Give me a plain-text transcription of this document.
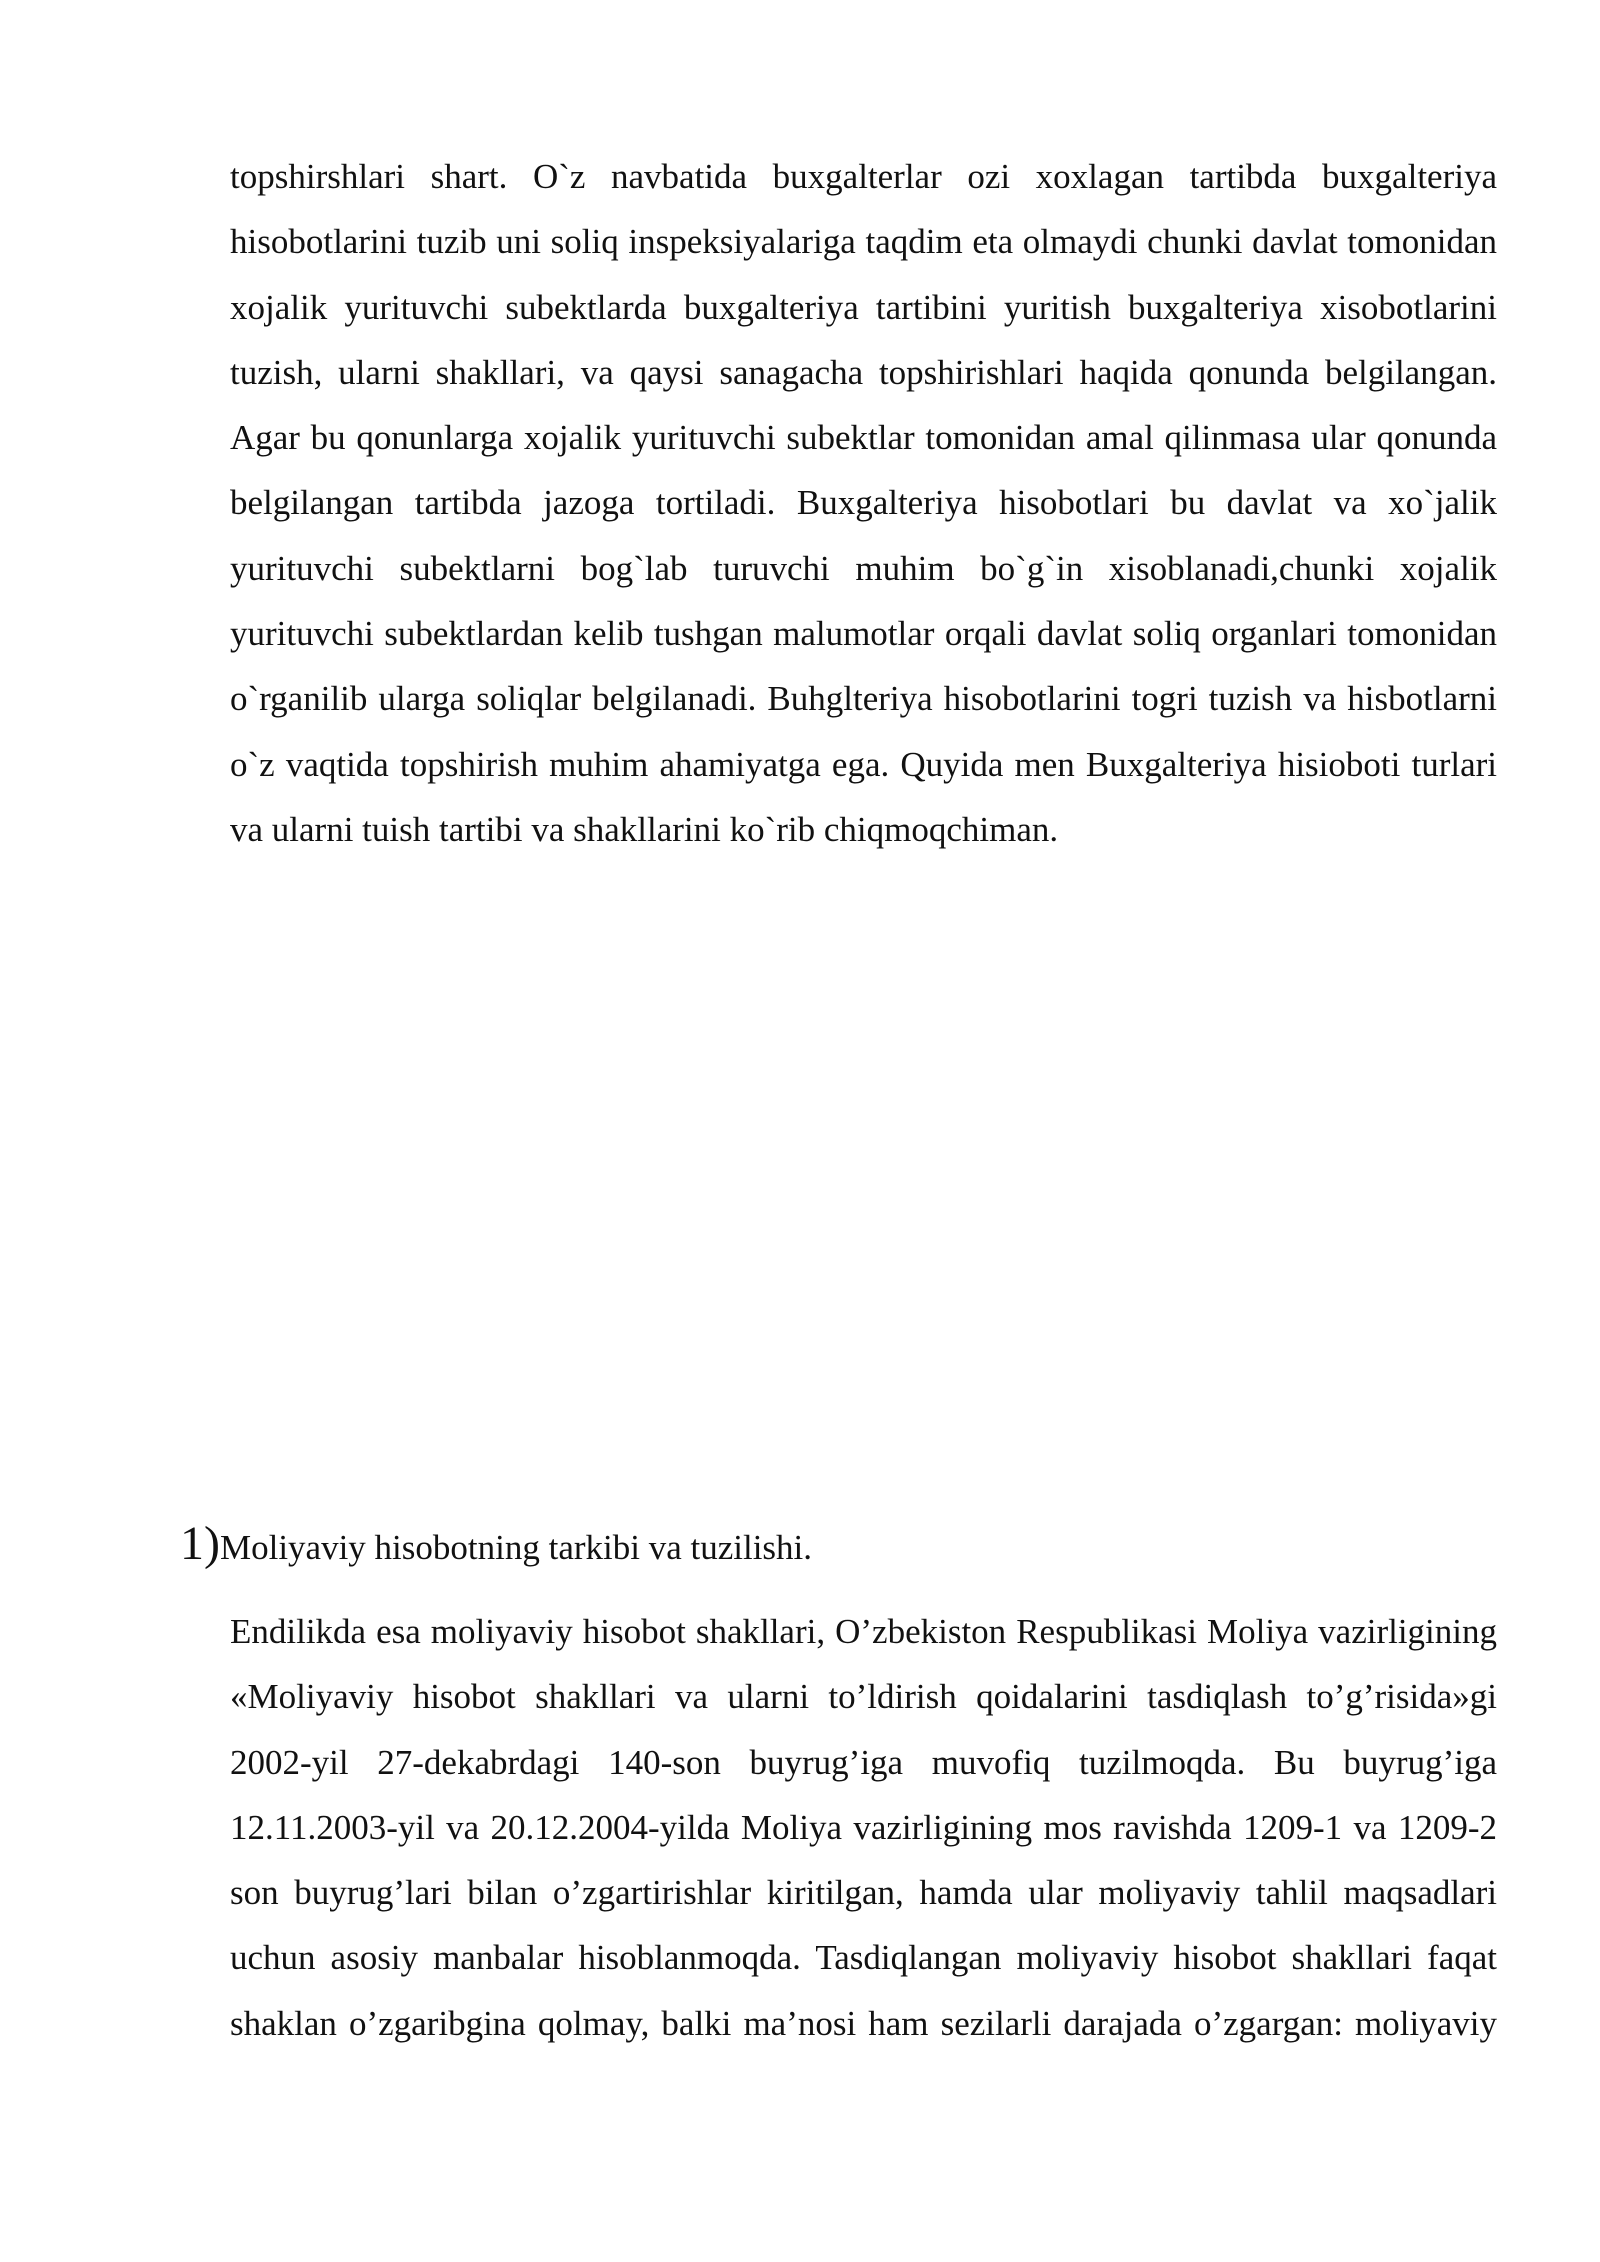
topshirshlari shart. O`z navbatida buxgalterlar ozi xoxlagan tartibda buxgalteriya hisobotlarini tuzib uni soliq inspeksiyalariga taqdim eta olmaydi chunki davlat tomonidan xojalik yurituvchi subektlarda buxgalteriya tartibini yuritish buxgalteriya xisobotlarini tuzish, ularni shakllari, va qaysi sanagacha topshirishlari haqida qonunda belgilangan. Agar bu qonunlarga xojalik yurituvchi subektlar tomonidan amal qilinmasa ular qonunda belgilangan tartibda jazoga tortiladi. Buxgalteriya hisobotlari bu davlat va xo`jalik yurituvchi subektlarni bog`lab turuvchi muhim bo`g`in xisoblanadi,chunki xojalik yurituvchi subektlardan kelib tushgan malumotlar orqali davlat soliq organlari tomonidan o`rganilib ularga soliqlar belgilanadi. Buhglteriya hisobotlarini togri tuzish va hisbotlarni o`z vaqtida topshirish muhim ahamiyatga ega. Quyida men Buxgalteriya hisioboti turlari va ularni tuish tartibi va shakllarini ko`rib chiqmoqchiman.

1)Moliyaviy hisobotning tarkibi va tuzilishi.

Endilikda esa moliyaviy hisobot shakllari, O’zbekiston Respublikasi Moliya vazirligining «Moliyaviy hisobot shakllari va ularni to’ldirish qoidalarini tasdiqlash to’g’risida»gi 2002-yil 27-dekabrdagi 140-son buyrug’iga muvofiq tuzilmoqda. Bu buyrug’iga 12.11.2003-yil va 20.12.2004-yilda Moliya vazirligining mos ravishda 1209-1 va 1209-2 son buyrug’lari bilan o’zgartirishlar kiritilgan, hamda ular moliyaviy tahlil maqsadlari uchun asosiy manbalar hisoblanmoqda. Tasdiqlangan moliyaviy hisobot shakllari faqat shaklan o’zgaribgina qolmay, balki ma’nosi ham sezilarli darajada o’zgargan: moliyaviy
